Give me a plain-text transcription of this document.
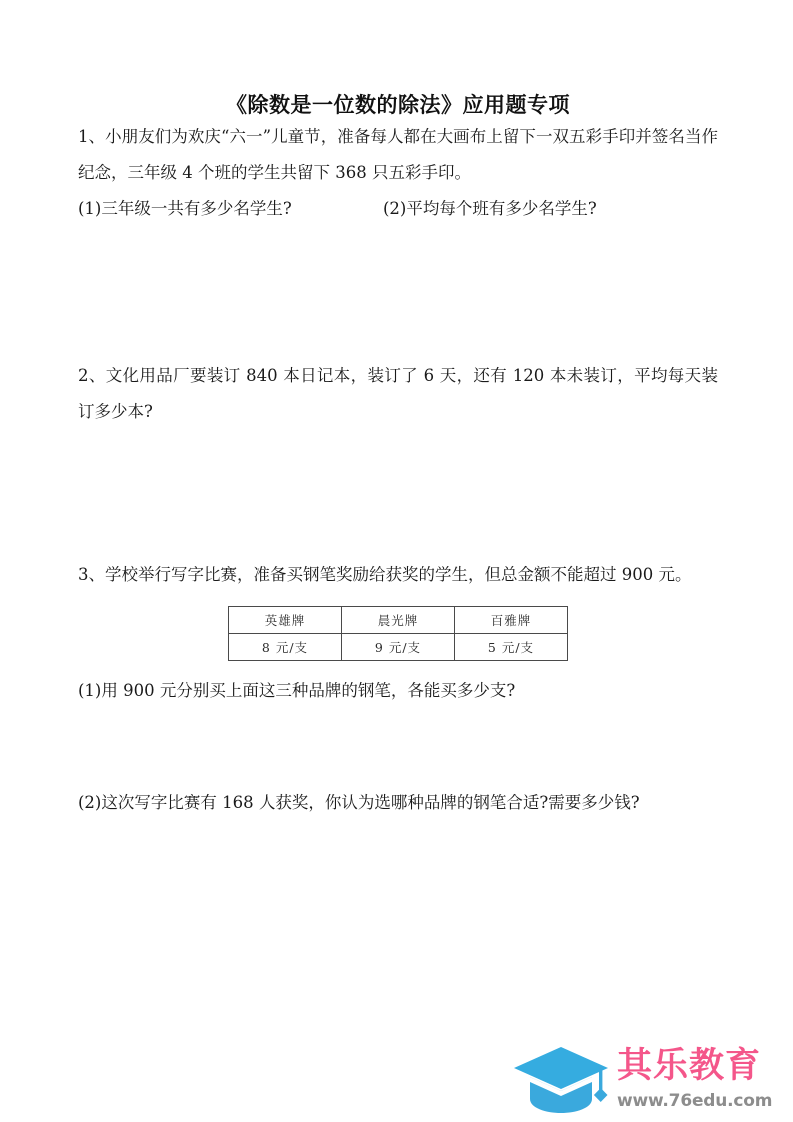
《除数是一位数的除法》应用题专项

1、小朋友们为欢庆“六一”儿童节，准备每人都在大画布上留下一双五彩手印并签名当作纪念，三年级 4 个班的学生共留下 368 只五彩手印。

(1)三年级一共有多少名学生?	(2)平均每个班有多少名学生?

2、文化用品厂要装订 840 本日记本，装订了 6 天，还有 120 本未装订，平均每天装订多少本?

3、学校举行写字比赛，准备买钢笔奖励给获奖的学生，但总金额不能超过 900 元。

英雄牌	晨光牌	百雅牌
8 元/支	9 元/支	5 元/支

(1)用 900 元分别买上面这三种品牌的钢笔，各能买多少支?

(2)这次写字比赛有 168 人获奖，你认为选哪种品牌的钢笔合适?需要多少钱?

其乐教育
www.76edu.com
